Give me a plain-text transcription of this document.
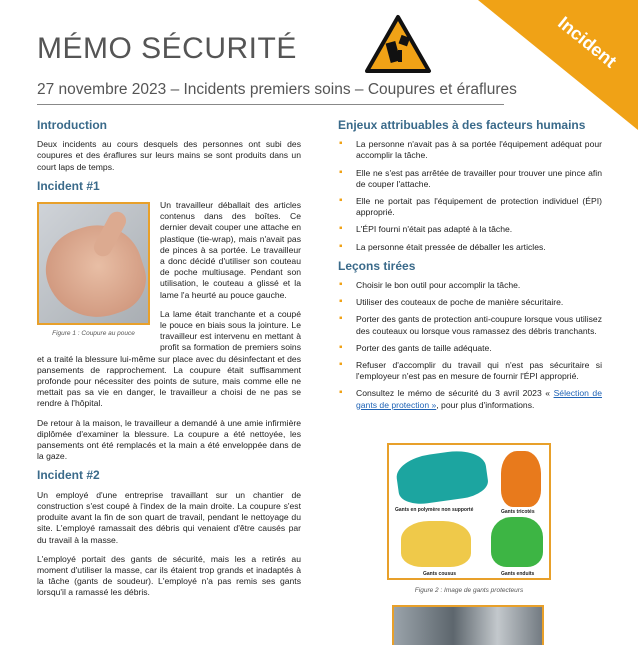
MÉMO SÉCURITÉ
27 novembre 2023 – Incidents premiers soins – Coupures et éraflures
Incident
Introduction

Deux incidents au cours desquels des personnes ont subi des coupures et des éraflures sur leurs mains se sont produits dans un court laps de temps.

Incident #1
Figure 1 : Coupure au pouce

Un travailleur déballait des articles contenus dans des boîtes. Ce dernier devait couper une attache en plastique (tie-wrap), mais n'avait pas de pinces à sa portée. Le travailleur a donc décidé d'utiliser son couteau de poche multiusage. Pendant son utilisation, le couteau a glissé et la lame l'a heurté au pouce gauche.

La lame était tranchante et a coupé le pouce en biais sous la jointure. Le travailleur est intervenu en mettant à profit sa formation de premiers soins et a traité la blessure lui-même sur place avec du désinfectant et des pansements de rapprochement. La coupure était suffisamment profonde pour nécessiter des points de suture, mais comme elle ne mettait pas sa vie en danger, le travailleur a choisi de ne pas se rendre à l'hôpital.

De retour à la maison, le travailleur a demandé à une amie infirmière diplômée d'examiner la blessure. La coupure a été nettoyée, les pansements ont été remplacés et la main a été enveloppée dans de la gaze.

Incident #2

Un employé d'une entreprise travaillant sur un chantier de construction s'est coupé à l'index de la main droite. La coupure s'est produite avant la fin de son quart de travail, pendant le nettoyage du site. L'employé ramassait des débris qui venaient d'être causés par du travail à la masse.

L'employé portait des gants de sécurité, mais les a retirés au moment d'utiliser la masse, car ils étaient trop grands et inadaptés à la tâche (gants de soudeur). L'employé n'a pas remis ses gants lorsqu'il a ramassé les débris.

Enjeux attribuables à des facteurs humains
▪ La personne n'avait pas à sa portée l'équipement adéquat pour accomplir la tâche.
▪ Elle ne s'est pas arrêtée de travailler pour trouver une pince afin de couper l'attache.
▪ Elle ne portait pas l'équipement de protection individuel (ÉPI) approprié.
▪ L'ÉPI fourni n'était pas adapté à la tâche.
▪ La personne était pressée de déballer les articles.
Leçons tirées
▪ Choisir le bon outil pour accomplir la tâche.
▪ Utiliser des couteaux de poche de manière sécuritaire.
▪ Porter des gants de protection anti-coupure lorsque vous utilisez des couteaux ou lorsque vous ramassez des débris tranchants.
▪ Porter des gants de taille adéquate.
▪ Refuser d'accomplir du travail qui n'est pas sécuritaire si l'employeur n'est pas en mesure de fournir l'ÉPI approprié.
▪ Consultez le mémo de sécurité du 3 avril 2023 « Sélection de gants de protection », pour plus d'informations.
Gants en polymère non supporté	Gants tricotés
Gants cousus	Gants enduits
Figure 2 : Image de gants protecteurs
